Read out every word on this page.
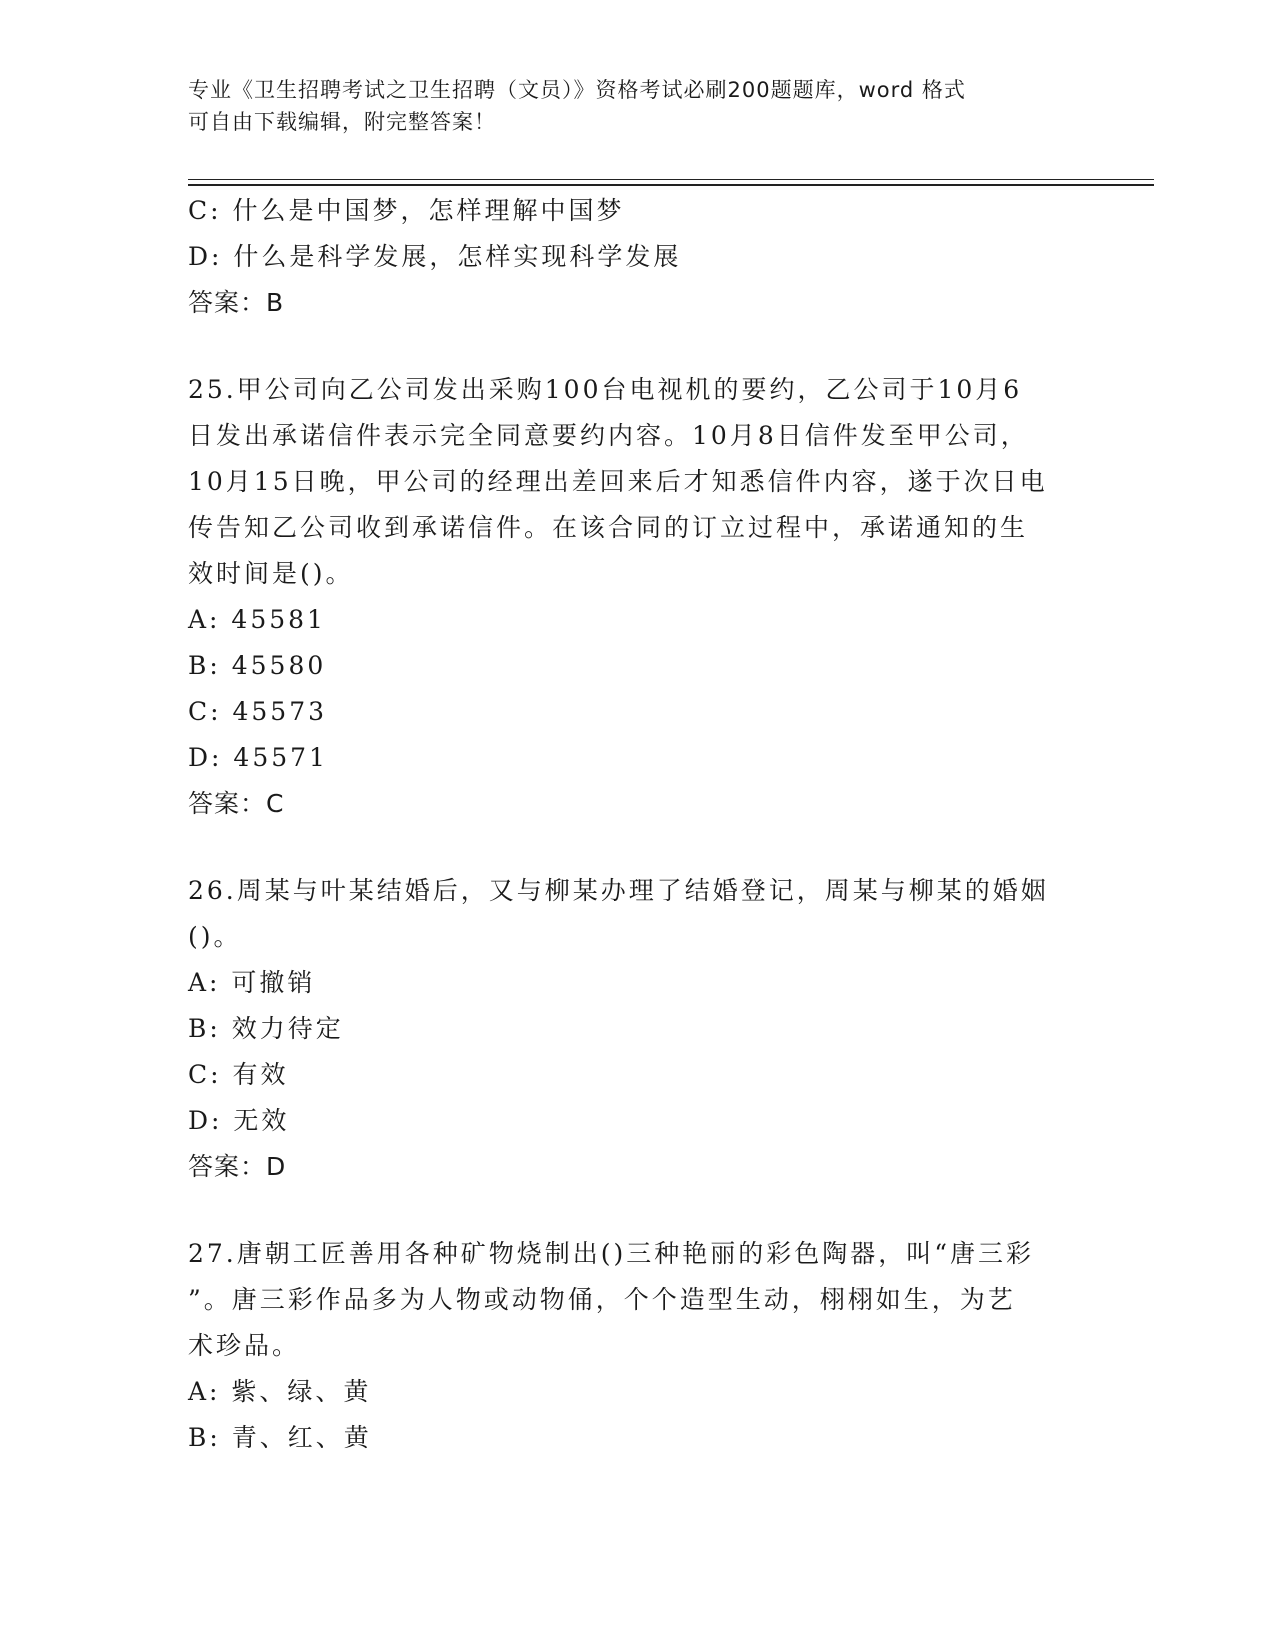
专业《卫生招聘考试之卫生招聘（文员）》资格考试必刷200题题库，word 格式
可自由下载编辑，附完整答案！
C: 什么是中国梦，怎样理解中国梦
D: 什么是科学发展，怎样实现科学发展
答案：B
25.甲公司向乙公司发出采购100台电视机的要约，乙公司于10月6
日发出承诺信件表示完全同意要约内容。10月8日信件发至甲公司，
10月15日晚，甲公司的经理出差回来后才知悉信件内容，遂于次日电
传告知乙公司收到承诺信件。在该合同的订立过程中，承诺通知的生
效时间是()。
A: 45581
B: 45580
C: 45573
D: 45571
答案：C
26.周某与叶某结婚后，又与柳某办理了结婚登记，周某与柳某的婚姻
()。
A: 可撤销
B: 效力待定
C: 有效
D: 无效
答案：D
27.唐朝工匠善用各种矿物烧制出()三种艳丽的彩色陶器，叫“唐三彩
”。唐三彩作品多为人物或动物俑，个个造型生动，栩栩如生，为艺
术珍品。
A: 紫、绿、黄
B: 青、红、黄
